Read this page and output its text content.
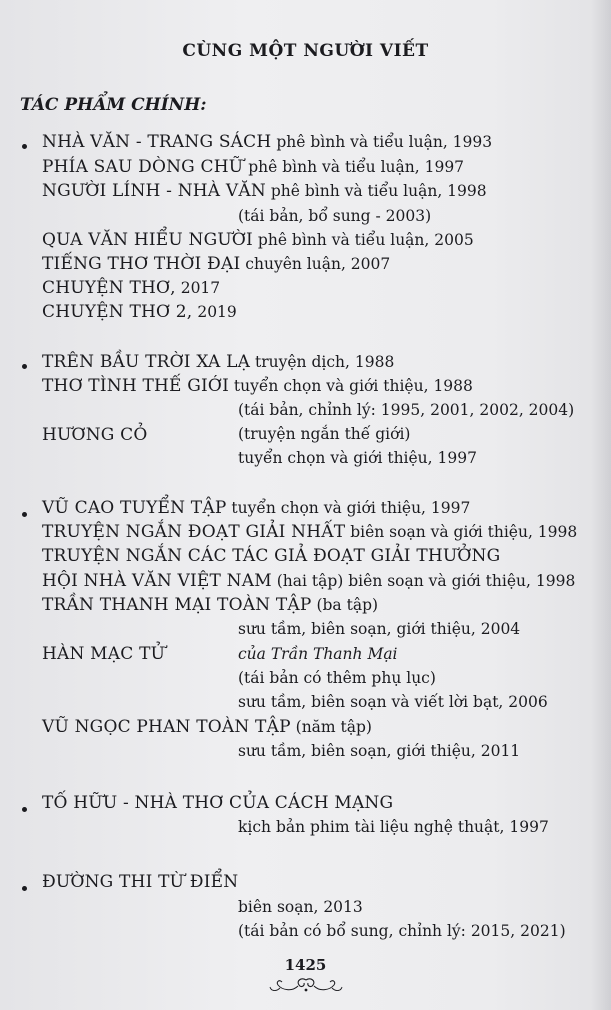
CÙNG MỘT NGƯỜI VIẾT
TÁC PHẨM CHÍNH:
NHÀ VĂN - TRANG SÁCH phê bình và tiểu luận, 1993
PHÍA SAU DÒNG CHỮ phê bình và tiểu luận, 1997
NGƯỜI LÍNH - NHÀ VĂN phê bình và tiểu luận, 1998
(tái bản, bổ sung - 2003)
QUA VĂN HIỂU NGƯỜI phê bình và tiểu luận, 2005
TIẾNG THƠ THỜI ĐẠI chuyên luận, 2007
CHUYỆN THƠ, 2017
CHUYỆN THƠ 2, 2019
TRÊN BẦU TRỜI XA LẠ truyện dịch, 1988
THƠ TÌNH THẾ GIỚI tuyển chọn và giới thiệu, 1988
(tái bản, chỉnh lý: 1995, 2001, 2002, 2004)
HƯƠNG CỎ	(truyện ngắn thế giới)
tuyển chọn và giới thiệu, 1997
VŨ CAO TUYỂN TẬP tuyển chọn và giới thiệu, 1997
TRUYỆN NGẮN ĐOẠT GIẢI NHẤT biên soạn và giới thiệu, 1998
TRUYỆN NGẮN CÁC TÁC GIẢ ĐOẠT GIẢI THƯỞNG
HỘI NHÀ VĂN VIỆT NAM (hai tập) biên soạn và giới thiệu, 1998
TRẦN THANH MẠI TOÀN TẬP (ba tập)
sưu tầm, biên soạn, giới thiệu, 2004
HÀN MẠC TỬ	của Trần Thanh Mại
(tái bản có thêm phụ lục)
sưu tầm, biên soạn và viết lời bạt, 2006
VŨ NGỌC PHAN TOÀN TẬP (năm tập)
sưu tầm, biên soạn, giới thiệu, 2011
TỐ HỮU - NHÀ THƠ CỦA CÁCH MẠNG
kịch bản phim tài liệu nghệ thuật, 1997
ĐƯỜNG THI TỪ ĐIỂN
biên soạn, 2013
(tái bản có bổ sung, chỉnh lý: 2015, 2021)
1425
